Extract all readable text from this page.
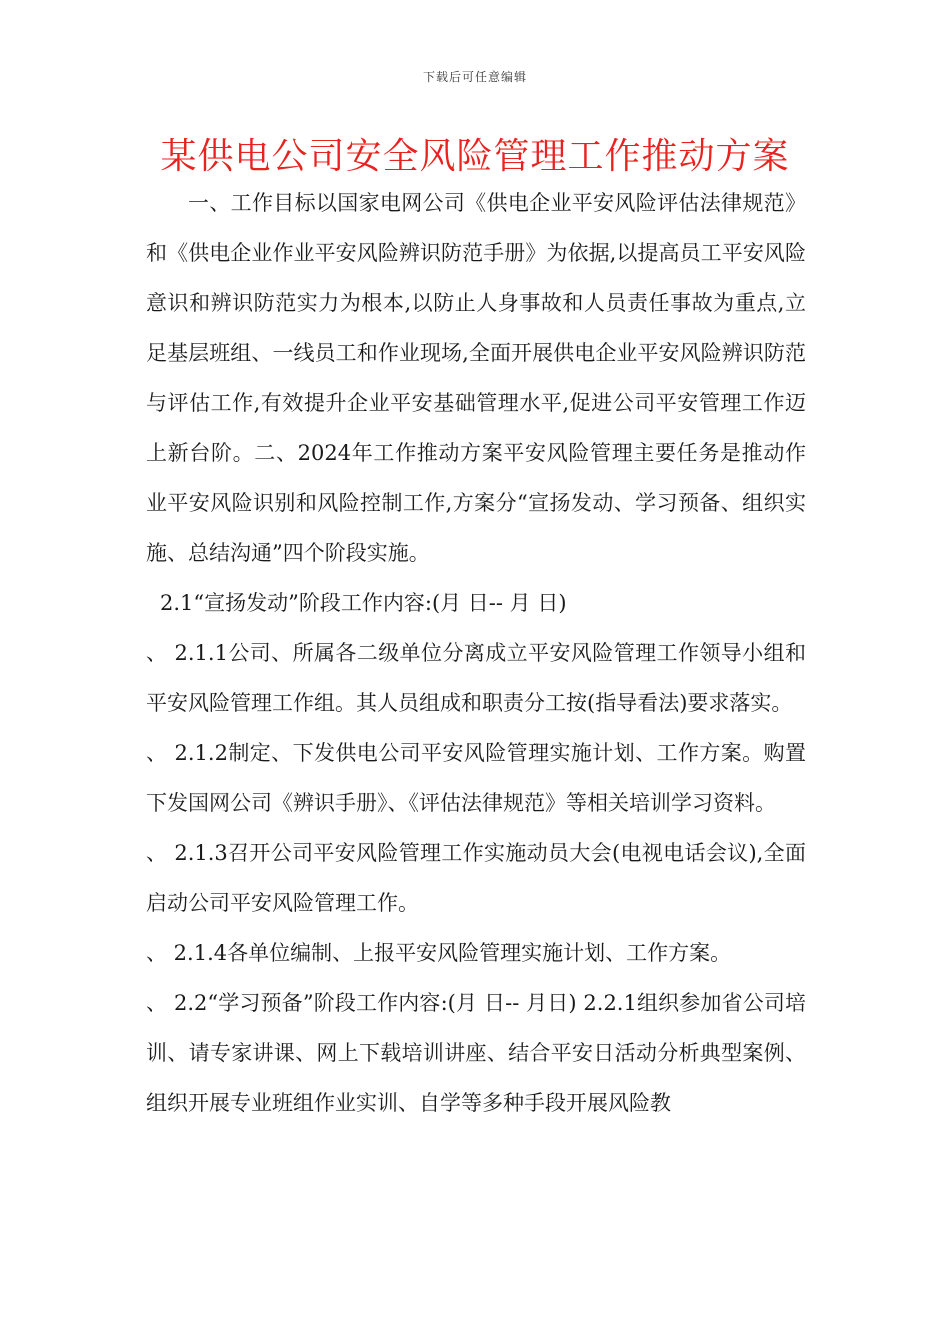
下载后可任意编辑
某供电公司安全风险管理工作推动方案

一、工作目标以国家电网公司《供电企业平安风险评估法律规范》和《供电企业作业平安风险辨识防范手册》为依据,以提高员工平安风险意识和辨识防范实力为根本,以防止人身事故和人员责任事故为重点,立足基层班组、一线员工和作业现场,全面开展供电企业平安风险辨识防范与评估工作,有效提升企业平安基础管理水平,促进公司平安管理工作迈上新台阶。二、2024年工作推动方案平安风险管理主要任务是推动作业平安风险识别和风险控制工作,方案分“宣扬发动、学习预备、组织实施、总结沟通”四个阶段实施。

2.1“宣扬发动”阶段工作内容:(月 日-- 月 日)

、 2.1.1公司、所属各二级单位分离成立平安风险管理工作领导小组和平安风险管理工作组。其人员组成和职责分工按(指导看法)要求落实。

、 2.1.2制定、下发供电公司平安风险管理实施计划、工作方案。购置下发国网公司《辨识手册》、《评估法律规范》等相关培训学习资料。

、 2.1.3召开公司平安风险管理工作实施动员大会(电视电话会议),全面启动公司平安风险管理工作。

、 2.1.4各单位编制、上报平安风险管理实施计划、工作方案。

、 2.2“学习预备”阶段工作内容:(月 日-- 月日) 2.2.1组织参加省公司培训、请专家讲课、网上下载培训讲座、结合平安日活动分析典型案例、组织开展专业班组作业实训、自学等多种手段开展风险教
